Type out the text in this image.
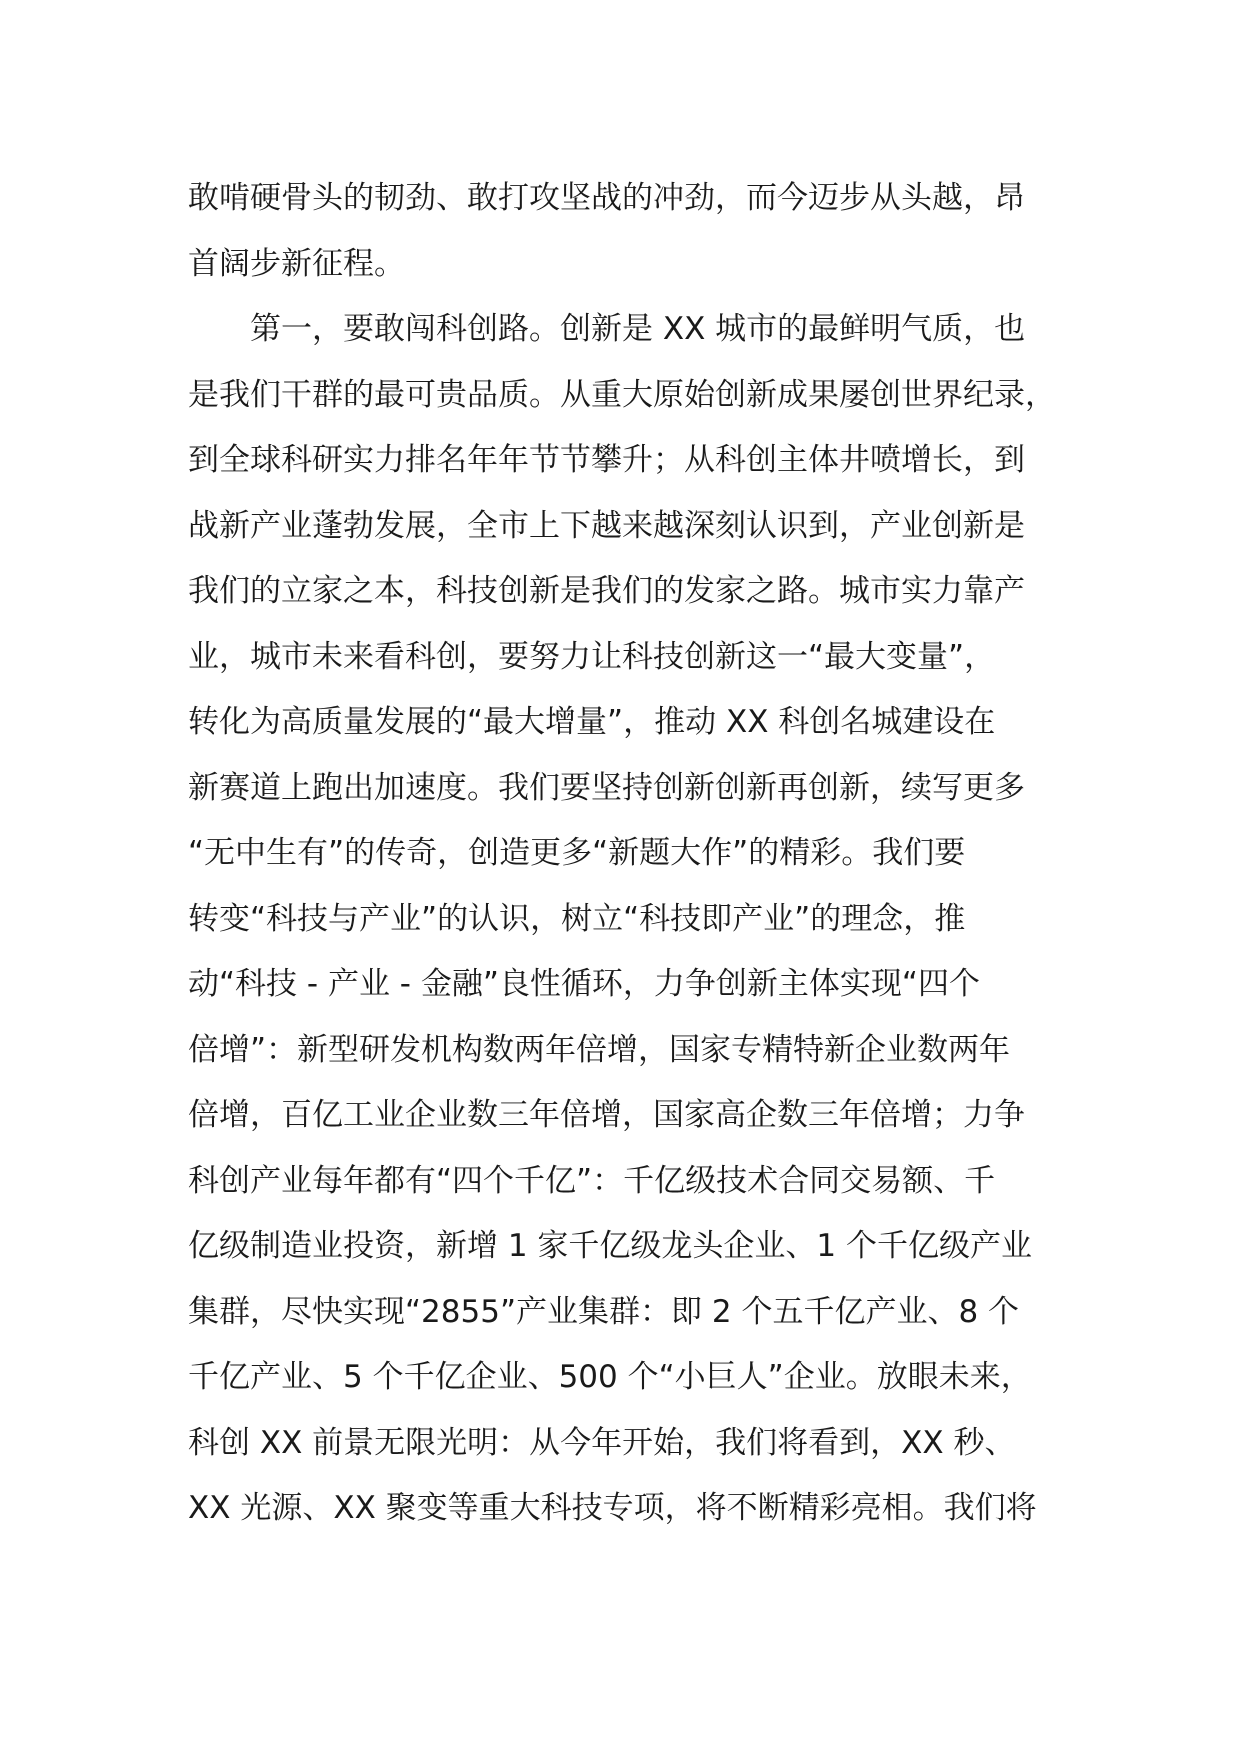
敢啃硬骨头的韧劲、敢打攻坚战的冲劲，而今迈步从头越，昂
首阔步新征程。
第一，要敢闯科创路。创新是 XX 城市的最鲜明气质，也
是我们干群的最可贵品质。从重大原始创新成果屡创世界纪录，
到全球科研实力排名年年节节攀升；从科创主体井喷增长，到
战新产业蓬勃发展，全市上下越来越深刻认识到，产业创新是
我们的立家之本，科技创新是我们的发家之路。城市实力靠产
业，城市未来看科创，要努力让科技创新这一“最大变量”，
转化为高质量发展的“最大增量”，推动 XX 科创名城建设在
新赛道上跑出加速度。我们要坚持创新创新再创新，续写更多
“无中生有”的传奇，创造更多“新题大作”的精彩。我们要
转变“科技与产业”的认识，树立“科技即产业”的理念，推
动“科技 - 产业 - 金融”良性循环，力争创新主体实现“四个
倍增”：新型研发机构数两年倍增，国家专精特新企业数两年
倍增，百亿工业企业数三年倍增，国家高企数三年倍增；力争
科创产业每年都有“四个千亿”：千亿级技术合同交易额、千
亿级制造业投资，新增 1 家千亿级龙头企业、1 个千亿级产业
集群，尽快实现“2855”产业集群：即 2 个五千亿产业、8 个
千亿产业、5 个千亿企业、500 个“小巨人”企业。放眼未来，
科创 XX 前景无限光明：从今年开始，我们将看到，XX 秒、
XX 光源、XX 聚变等重大科技专项，将不断精彩亮相。我们将
